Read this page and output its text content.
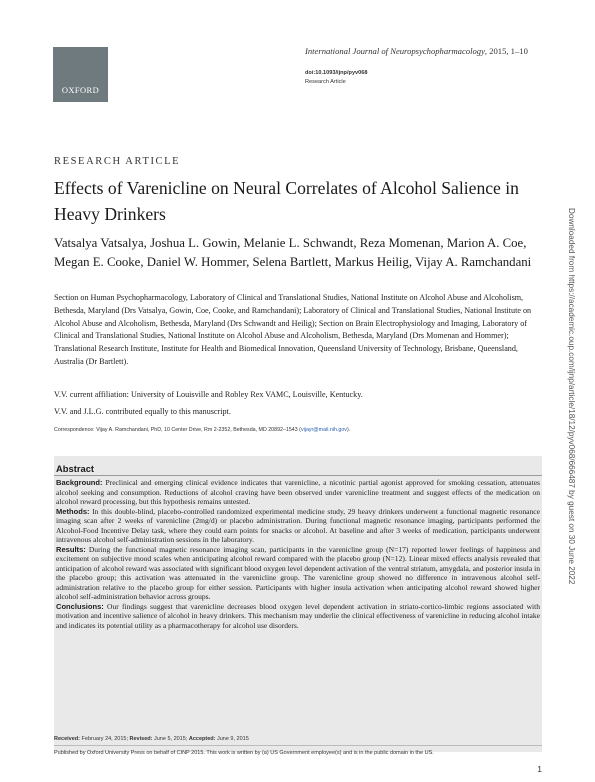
OXFORD
International Journal of Neuropsychopharmacology, 2015, 1–10
doi:10.1093/ijnp/pyv068
Research Article
RESEARCH ARTICLE
Effects of Varenicline on Neural Correlates of Alcohol Salience in Heavy Drinkers
Vatsalya Vatsalya, Joshua L. Gowin, Melanie L. Schwandt, Reza Momenan, Marion A. Coe, Megan E. Cooke, Daniel W. Hommer, Selena Bartlett, Markus Heilig, Vijay A. Ramchandani
Section on Human Psychopharmacology, Laboratory of Clinical and Translational Studies, National Institute on Alcohol Abuse and Alcoholism, Bethesda, Maryland (Drs Vatsalya, Gowin, Coe, Cooke, and Ramchandani); Laboratory of Clinical and Translational Studies, National Institute on Alcohol Abuse and Alcoholism, Bethesda, Maryland (Drs Schwandt and Heilig); Section on Brain Electrophysiology and Imaging, Laboratory of Clinical and Translational Studies, National Institute on Alcohol Abuse and Alcoholism, Bethesda, Maryland (Drs Momenan and Hommer); Translational Research Institute, Institute for Health and Biomedical Innovation, Queensland University of Technology, Brisbane, Queensland, Australia (Dr Bartlett).
V.V. current affiliation: University of Louisville and Robley Rex VAMC, Louisville, Kentucky.
V.V. and J.L.G. contributed equally to this manuscript.
Correspondence: Vijay A. Ramchandani, PhD, 10 Center Drive, Rm 2-2352, Bethesda, MD 20892–1543 (vijayr@mail.nih.gov).
Abstract

Background: Preclinical and emerging clinical evidence indicates that varenicline, a nicotinic partial agonist approved for smoking cessation, attenuates alcohol seeking and consumption. Reductions of alcohol craving have been observed under varenicline treatment and suggest effects of the medication on alcohol reward processing, but this hypothesis remains untested.

Methods: In this double-blind, placebo-controlled randomized experimental medicine study, 29 heavy drinkers underwent a functional magnetic resonance imaging scan after 2 weeks of varenicline (2mg/d) or placebo administration. During functional magnetic resonance imaging, participants performed the Alcohol-Food Incentive Delay task, where they could earn points for snacks or alcohol. At baseline and after 3 weeks of medication, participants underwent intravenous alcohol self-administration sessions in the laboratory.

Results: During the functional magnetic resonance imaging scan, participants in the varenicline group (N=17) reported lower feelings of happiness and excitement on subjective mood scales when anticipating alcohol reward compared with the placebo group (N=12). Linear mixed effects analysis revealed that anticipation of alcohol reward was associated with significant blood oxygen level dependent activation of the ventral striatum, amygdala, and posterior insula in the placebo group; this activation was attenuated in the varenicline group. The varenicline group showed no difference in intravenous alcohol self-administration relative to the placebo group for either session. Participants with higher insula activation when anticipating alcohol reward showed higher alcohol self-administration behavior across groups.

Conclusions: Our findings suggest that varenicline decreases blood oxygen level dependent activation in striato-cortico-limbic regions associated with motivation and incentive salience of alcohol in heavy drinkers. This mechanism may underlie the clinical effectiveness of varenicline in reducing alcohol intake and indicates its potential utility as a pharmacotherapy for alcohol use disorders.

Received: February 24, 2015; Revised: June 5, 2015; Accepted: June 9, 2015
Published by Oxford University Press on behalf of CINP 2015. This work is written by (a) US Government employee(s) and is in the public domain in the US.
1
Downloaded from https://academic.oup.com/ijnp/article/18/12/pyv068/666487 by guest on 30 June 2022
